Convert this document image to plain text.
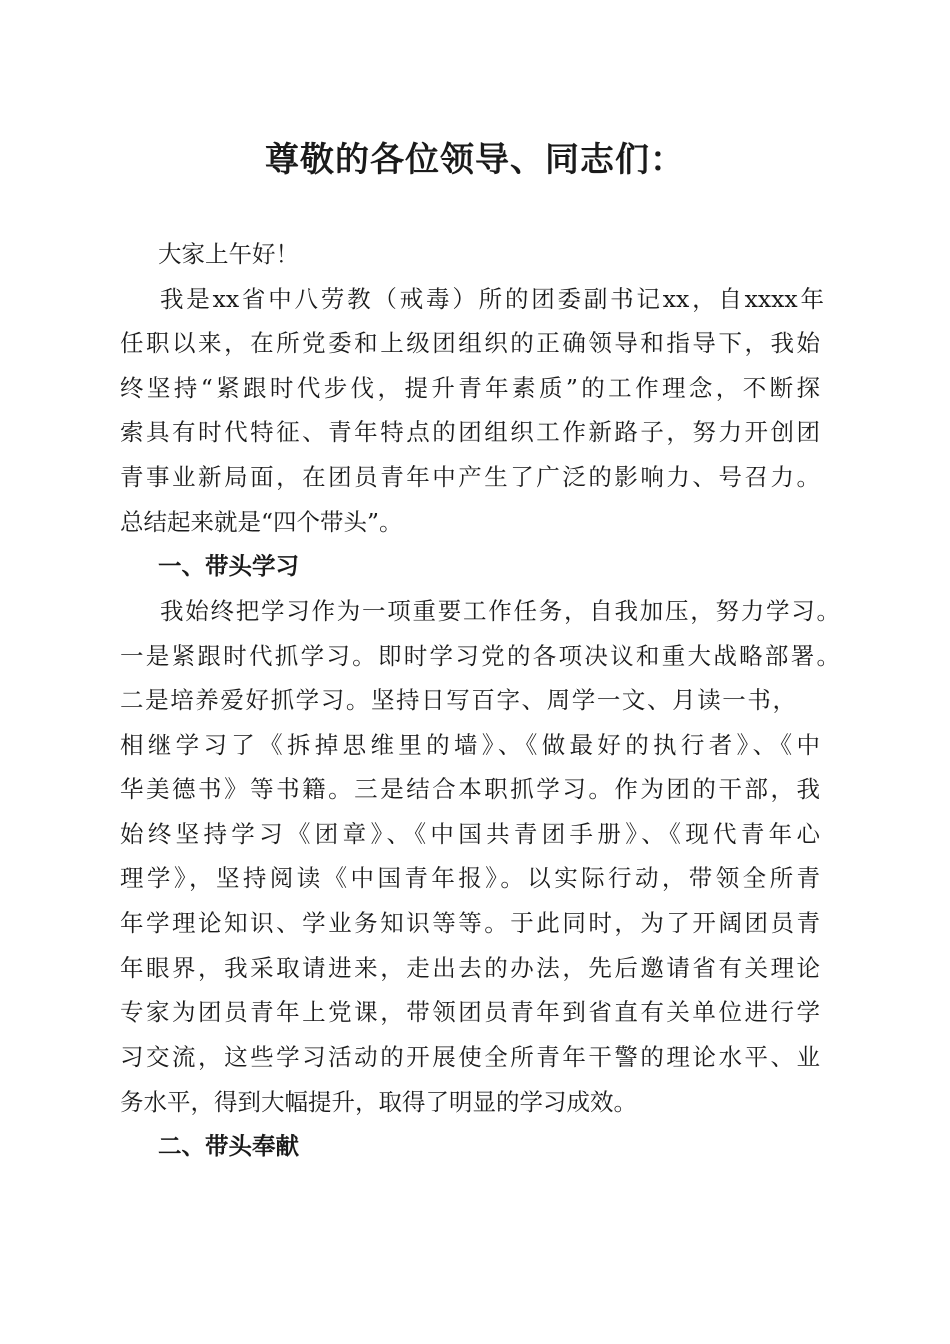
尊敬的各位领导、同志们：
大家上午好！
我是xx省中八劳教（戒毒）所的团委副书记xx，自xxxx年
任职以来，在所党委和上级团组织的正确领导和指导下，我始
终坚持“紧跟时代步伐，提升青年素质”的工作理念，不断探
索具有时代特征、青年特点的团组织工作新路子，努力开创团
青事业新局面，在团员青年中产生了广泛的影响力、号召力。
总结起来就是“四个带头”。
一、带头学习
我始终把学习作为一项重要工作任务，自我加压，努力学习。
一是紧跟时代抓学习。即时学习党的各项决议和重大战略部署。
二是培养爱好抓学习。坚持日写百字、周学一文、月读一书，
相继学习了《拆掉思维里的墙》、《做最好的执行者》、《中
华美德书》等书籍。三是结合本职抓学习。作为团的干部，我
始终坚持学习《团章》、《中国共青团手册》、《现代青年心
理学》，坚持阅读《中国青年报》。以实际行动，带领全所青
年学理论知识、学业务知识等等。于此同时，为了开阔团员青
年眼界，我采取请进来，走出去的办法，先后邀请省有关理论
专家为团员青年上党课，带领团员青年到省直有关单位进行学
习交流，这些学习活动的开展使全所青年干警的理论水平、业
务水平，得到大幅提升，取得了明显的学习成效。
二、带头奉献
